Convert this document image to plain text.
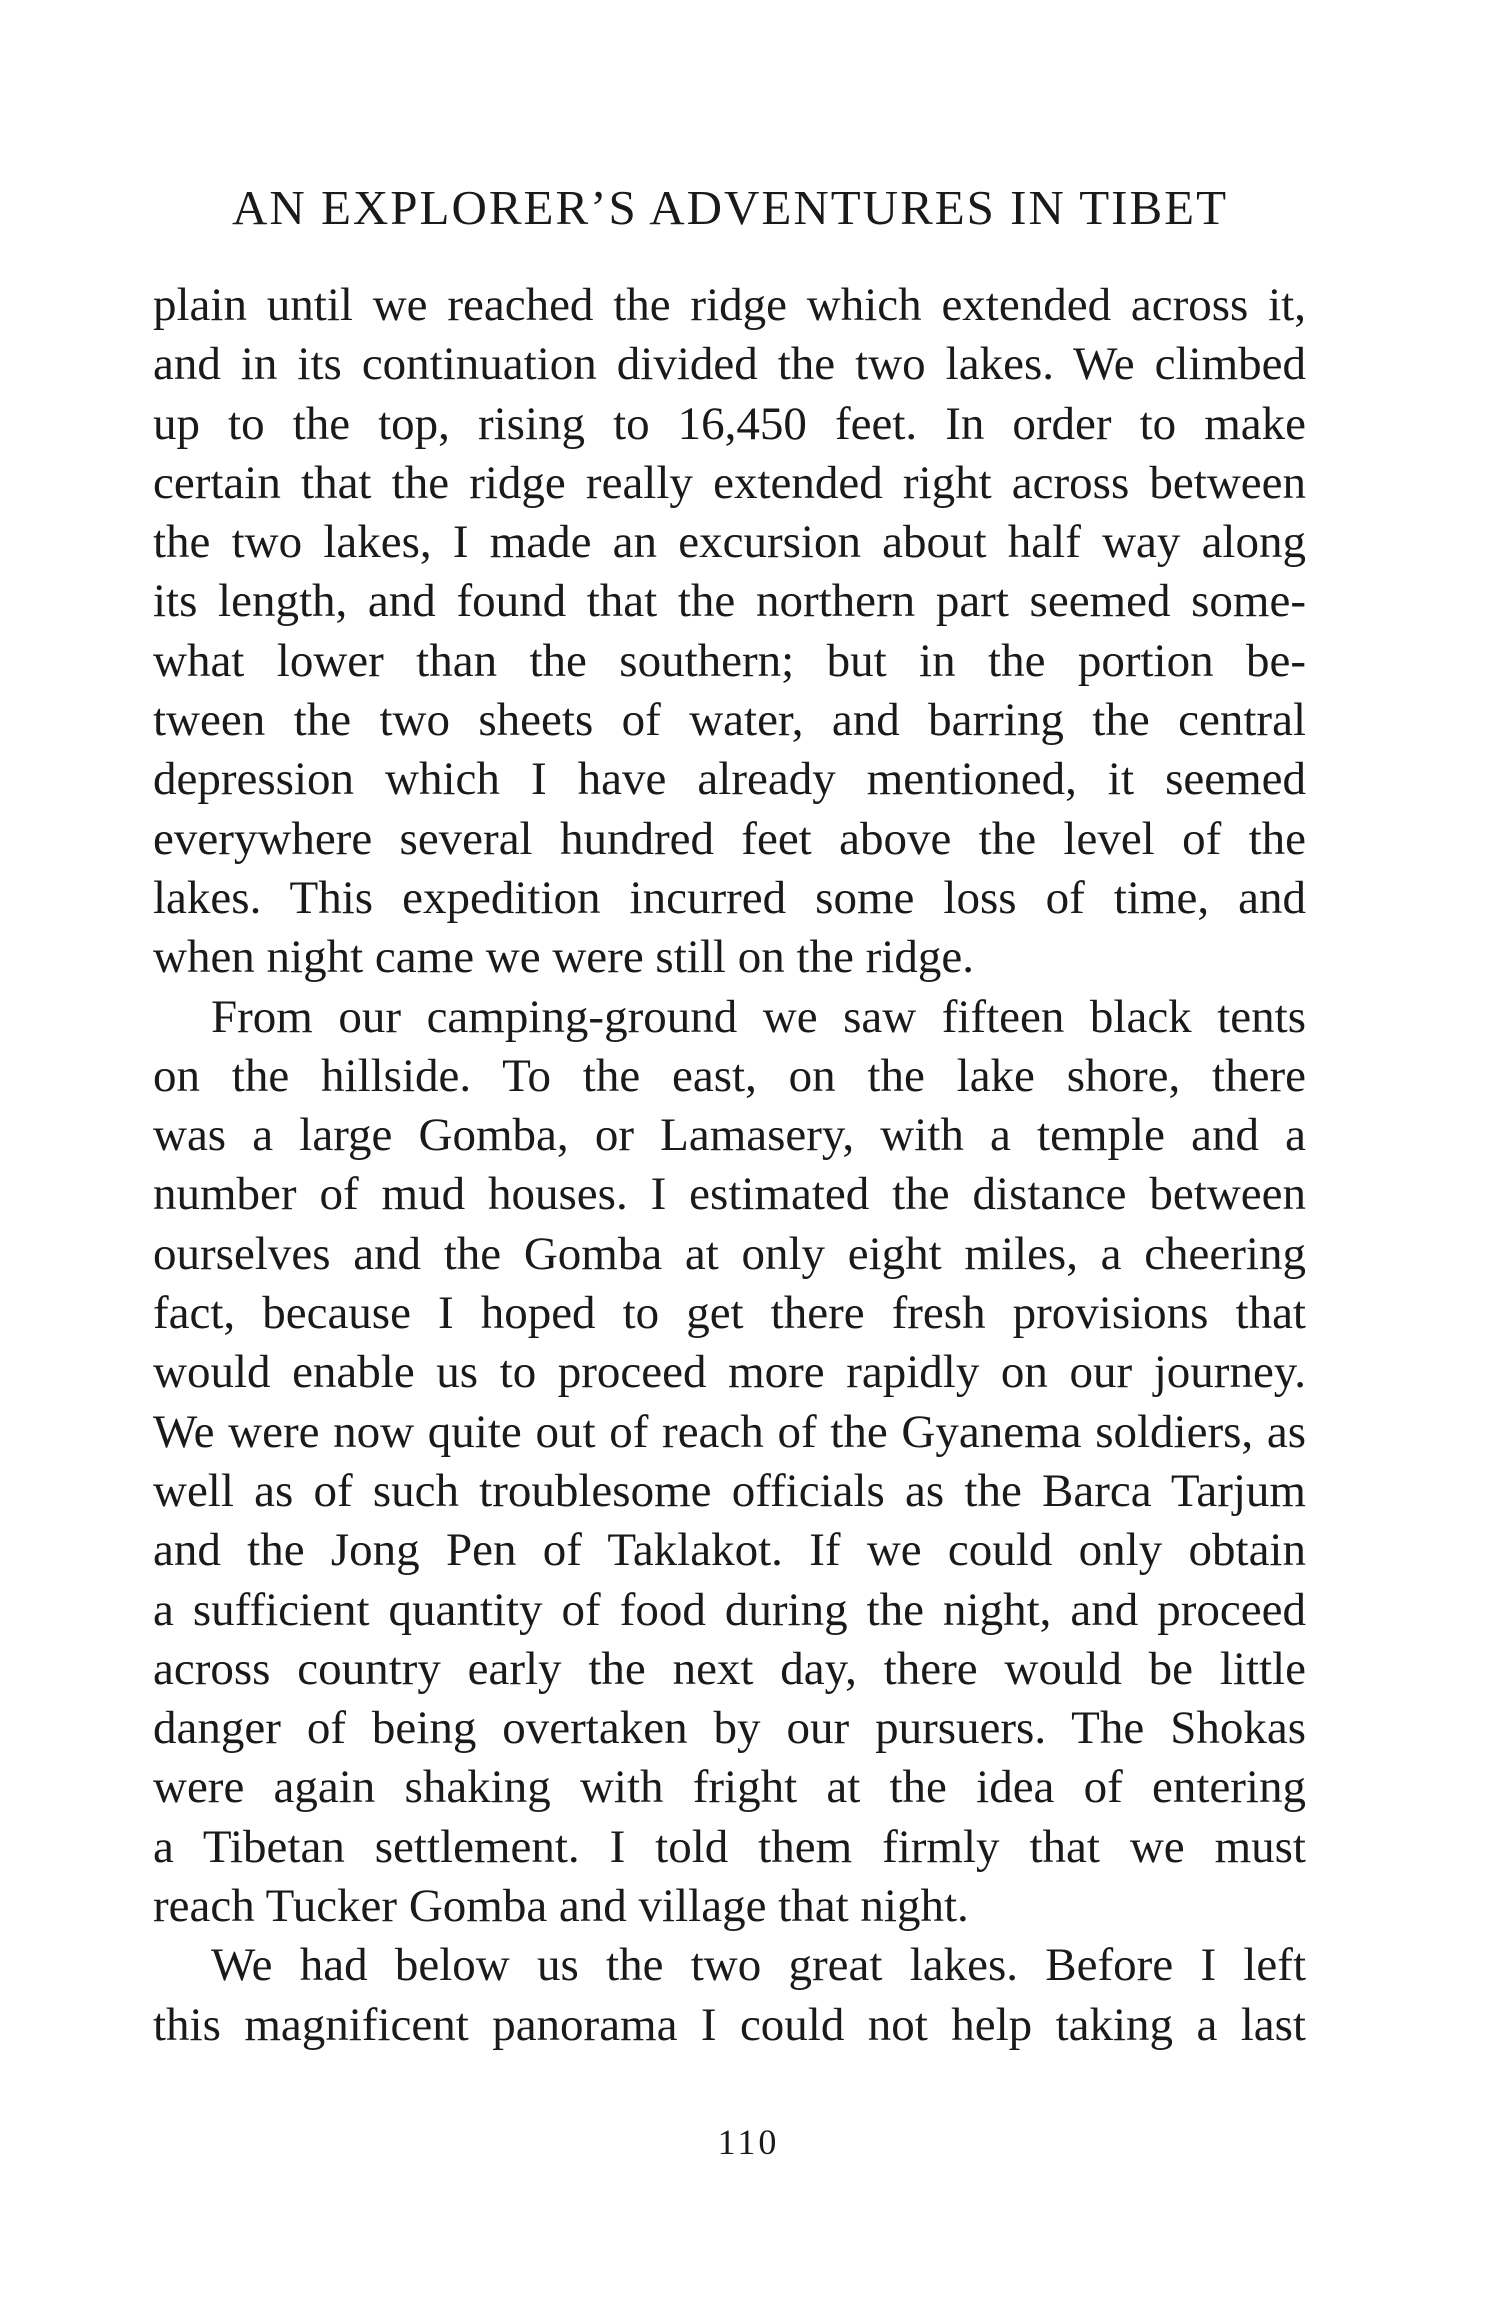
AN EXPLORER’S ADVENTURES IN TIBET
plain until we reached the ridge which extended across it,
and in its continuation divided the two lakes. We climbed
up to the top, rising to 16,450 feet. In order to make
certain that the ridge really extended right across between
the two lakes, I made an excursion about half way along
its length, and found that the northern part seemed some-
what lower than the southern; but in the portion be-
tween the two sheets of water, and barring the central
depression which I have already mentioned, it seemed
everywhere several hundred feet above the level of the
lakes. This expedition incurred some loss of time, and
when night came we were still on the ridge.
From our camping-ground we saw fifteen black tents
on the hillside. To the east, on the lake shore, there
was a large Gomba, or Lamasery, with a temple and a
number of mud houses. I estimated the distance between
ourselves and the Gomba at only eight miles, a cheering
fact, because I hoped to get there fresh provisions that
would enable us to proceed more rapidly on our journey.
We were now quite out of reach of the Gyanema soldiers, as
well as of such troublesome officials as the Barca Tarjum
and the Jong Pen of Taklakot. If we could only obtain
a sufficient quantity of food during the night, and proceed
across country early the next day, there would be little
danger of being overtaken by our pursuers. The Shokas
were again shaking with fright at the idea of entering
a Tibetan settlement. I told them firmly that we must
reach Tucker Gomba and village that night.
We had below us the two great lakes. Before I left
this magnificent panorama I could not help taking a last
110
